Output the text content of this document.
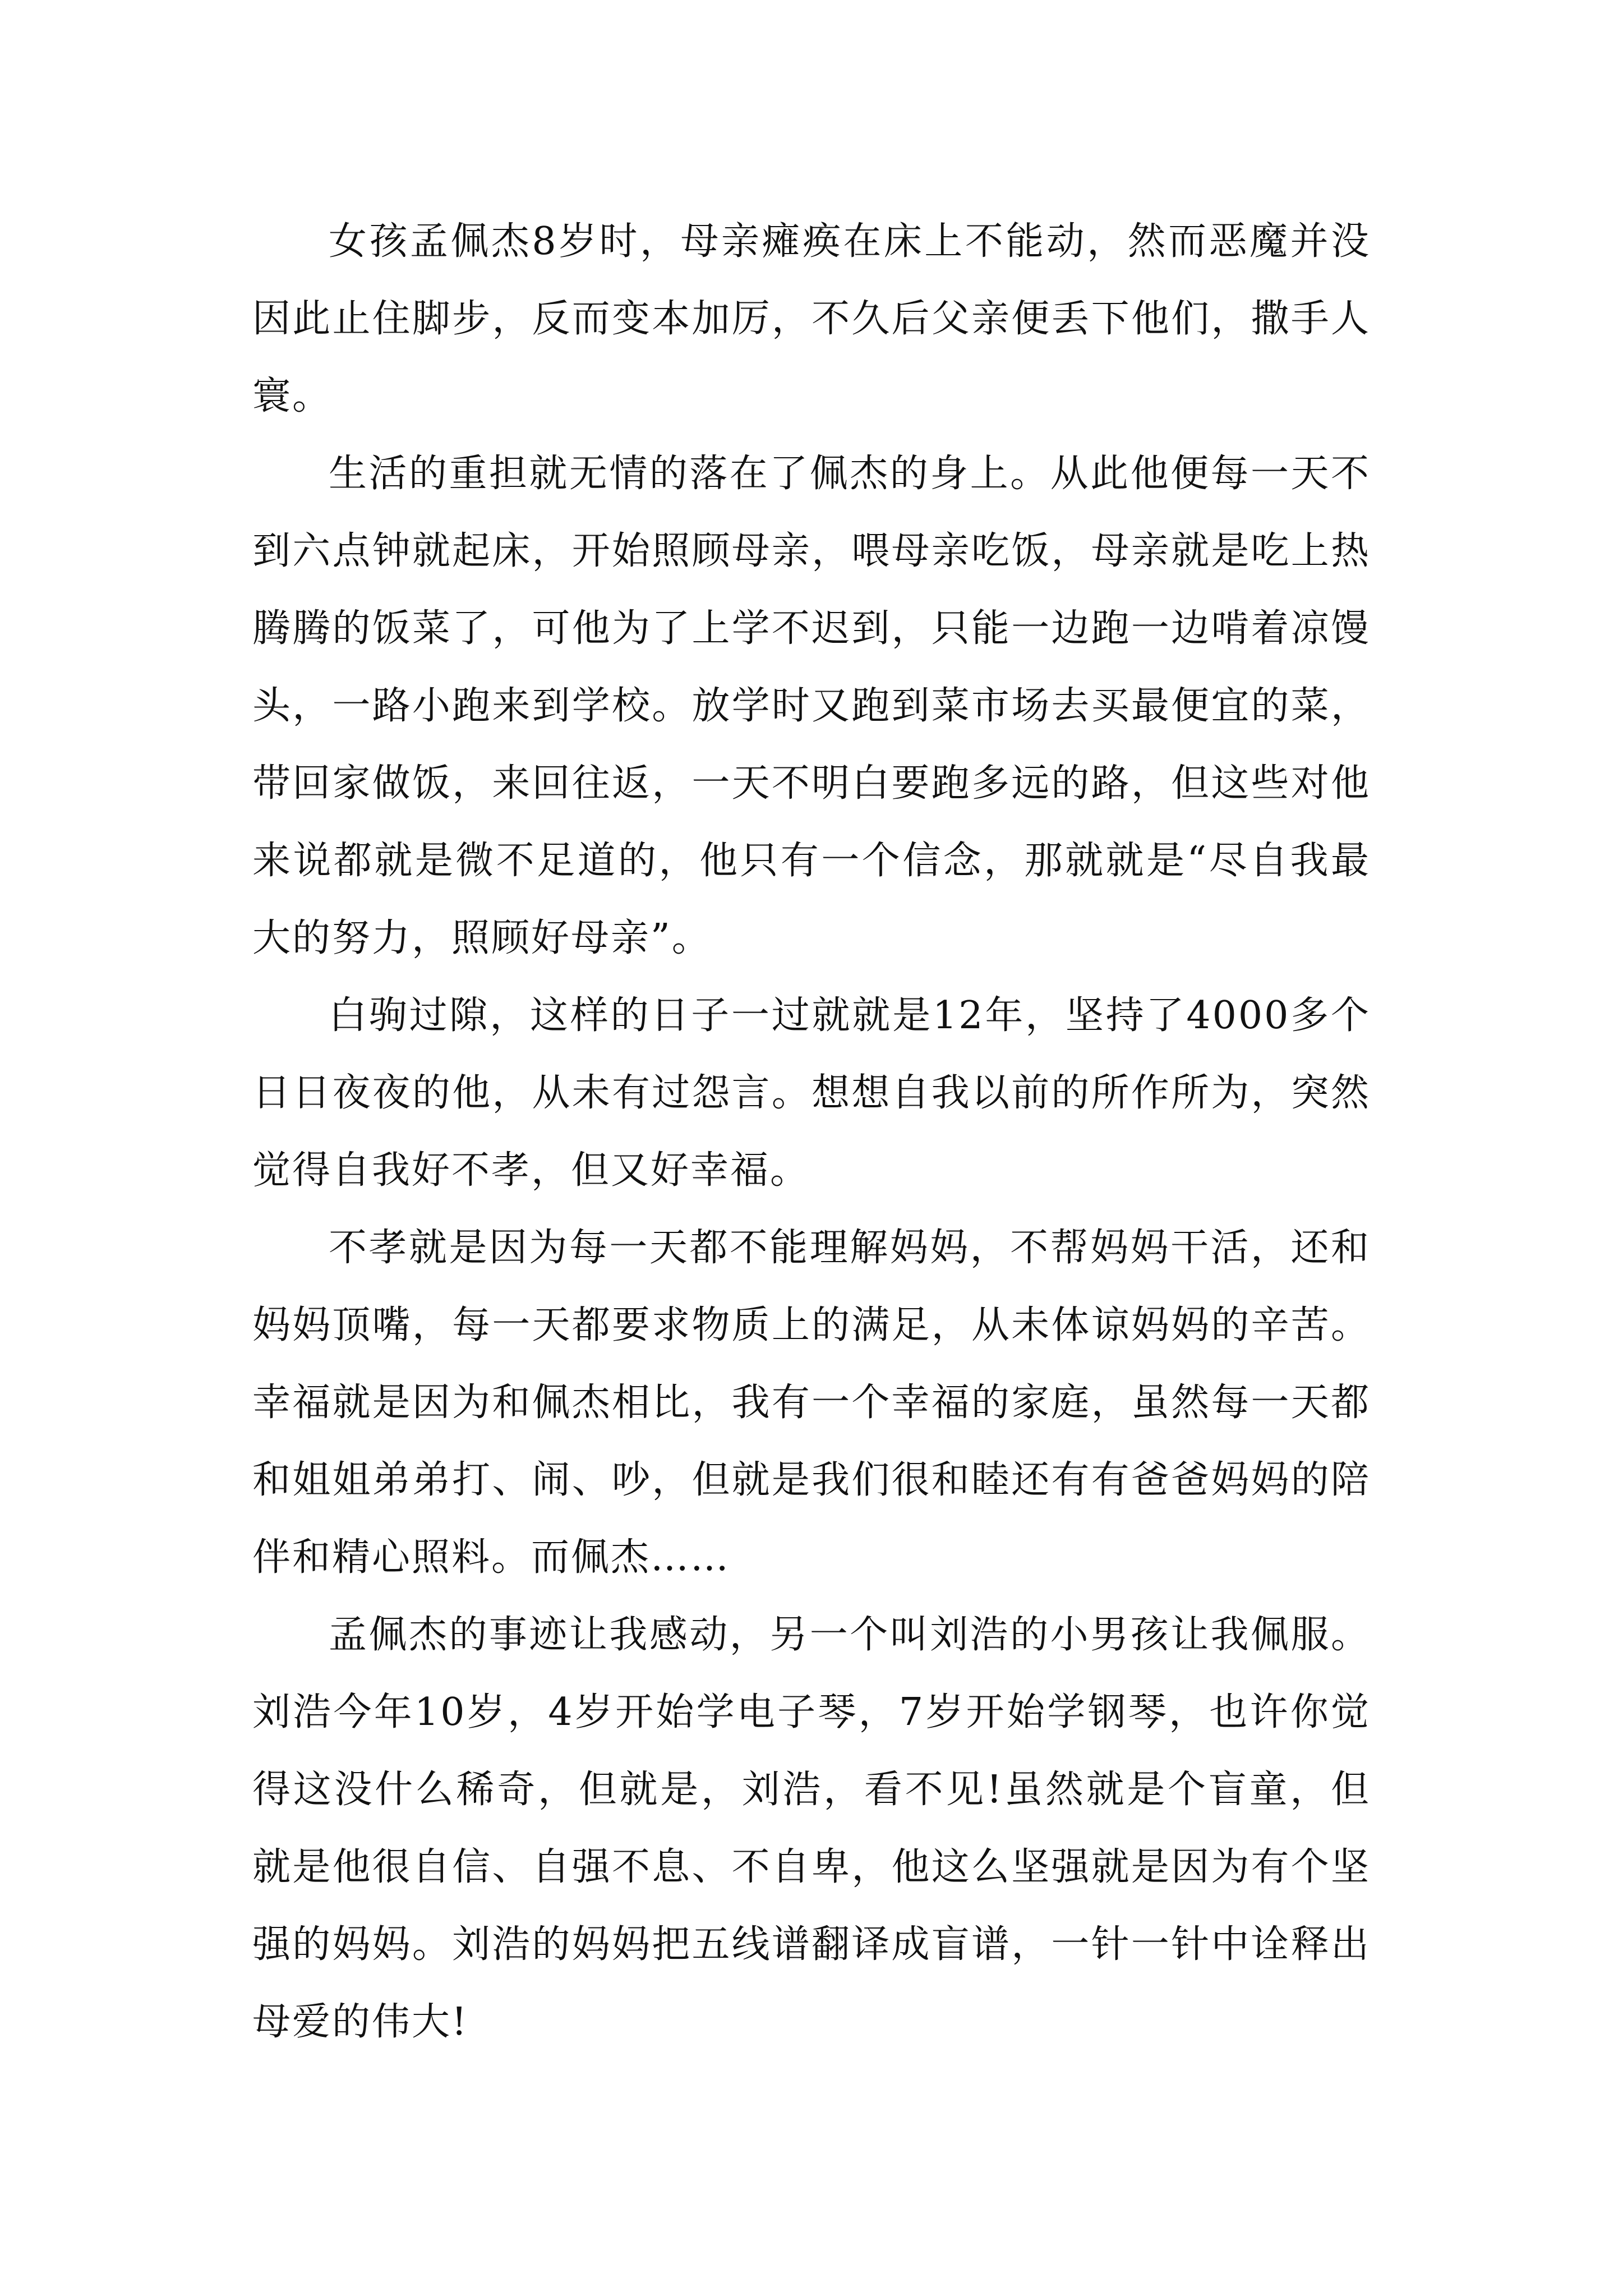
女孩孟佩杰8岁时，母亲瘫痪在床上不能动，然而恶魔并没因此止住脚步，反而变本加厉，不久后父亲便丢下他们，撒手人寰。

生活的重担就无情的落在了佩杰的身上。从此他便每一天不到六点钟就起床，开始照顾母亲，喂母亲吃饭，母亲就是吃上热腾腾的饭菜了，可他为了上学不迟到，只能一边跑一边啃着凉馒头，一路小跑来到学校。放学时又跑到菜市场去买最便宜的菜，带回家做饭，来回往返，一天不明白要跑多远的路，但这些对他来说都就是微不足道的，他只有一个信念，那就就是“尽自我最大的努力，照顾好母亲”。

白驹过隙，这样的日子一过就就是12年，坚持了4000多个日日夜夜的他，从未有过怨言。想想自我以前的所作所为，突然觉得自我好不孝，但又好幸福。

不孝就是因为每一天都不能理解妈妈，不帮妈妈干活，还和妈妈顶嘴，每一天都要求物质上的满足，从未体谅妈妈的辛苦。幸福就是因为和佩杰相比，我有一个幸福的家庭，虽然每一天都和姐姐弟弟打、闹、吵，但就是我们很和睦还有有爸爸妈妈的陪伴和精心照料。而佩杰……

孟佩杰的事迹让我感动，另一个叫刘浩的小男孩让我佩服。刘浩今年10岁，4岁开始学电子琴，7岁开始学钢琴，也许你觉得这没什么稀奇，但就是，刘浩，看不见!虽然就是个盲童，但就是他很自信、自强不息、不自卑，他这么坚强就是因为有个坚强的妈妈。刘浩的妈妈把五线谱翻译成盲谱，一针一针中诠释出母爱的伟大!
